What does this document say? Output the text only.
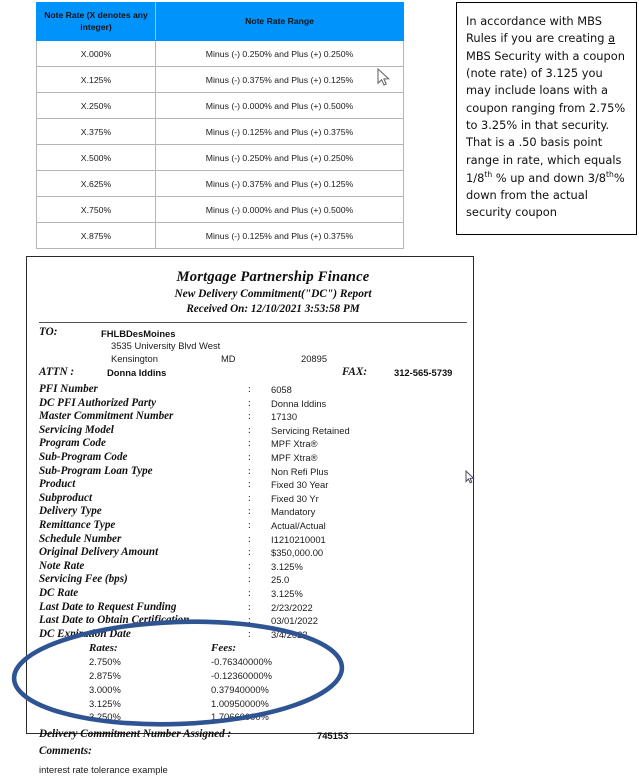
Note Rate (X denotes any integer)	Note Rate Range
X.000%	Minus (-) 0.250% and Plus (+) 0.250%
X.125%	Minus (-) 0.375% and Plus (+) 0.125%
X.250%	Minus (-) 0.000% and Plus (+) 0.500%
X.375%	Minus (-) 0.125% and Plus (+) 0.375%
X.500%	Minus (-) 0.250% and Plus (+) 0.250%
X.625%	Minus (-) 0.375% and Plus (+) 0.125%
X.750%	Minus (-) 0.000% and Plus (+) 0.500%
X.875%	Minus (-) 0.125% and Plus (+) 0.375%
In accordance with MBS Rules if you are creating a MBS Security with a coupon (note rate) of 3.125 you may include loans with a coupon ranging from 2.75% to 3.25% in that security. That is a .50 basis point range in rate, which equals 1/8th % up and down 3/8th% down from the actual security coupon
Mortgage Partnership Finance
New Delivery Commitment("DC") Report
Received On: 12/10/2021 3:53:58 PM
TO:	FHLBDesMoines
3535 University Blvd West
Kensington	MD	20895
ATTN :	Donna Iddins	FAX:	312-565-5739
PFI Number	: 6058
DC PFI Authorized Party	: Donna Iddins
Master Commitment Number	: 17130
Servicing Model	: Servicing Retained
Program Code	: MPF Xtra®
Sub-Program Code	: MPF Xtra®
Sub-Program Loan Type	: Non Refi Plus
Product	: Fixed 30 Year
Subproduct	: Fixed 30 Yr
Delivery Type	: Mandatory
Remittance Type	: Actual/Actual
Schedule Number	: I1210210001
Original Delivery Amount	: $350,000.00
Note Rate	: 3.125%
Servicing Fee (bps)	: 25.0
DC Rate	: 3.125%
Last Date to Request Funding	: 2/23/2022
Last Date to Obtain Certification	: 03/01/2022
DC Expiration Date	: 3/4/2022
Rates:	Fees:
2.750%	-0.76340000%
2.875%	-0.12360000%
3.000%	0.37940000%
3.125%	1.00950000%
3.250%	1.70660000%
Delivery Commitment Number Assigned :	745153
Comments:
interest rate tolerance example
